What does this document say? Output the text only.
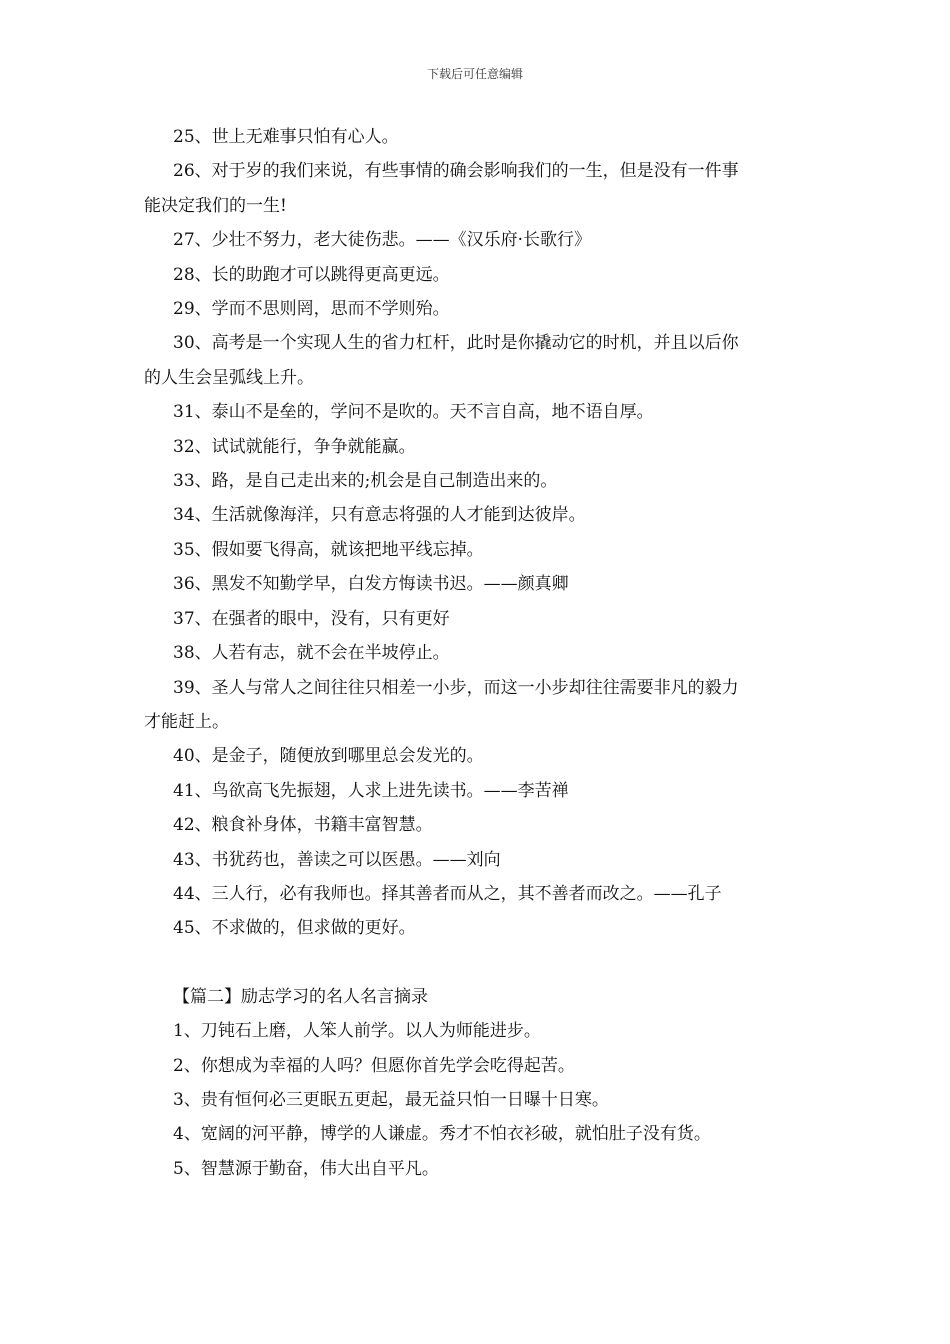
下载后可任意编辑

25、世上无难事只怕有心人。

26、对于岁的我们来说，有些事情的确会影响我们的一生，但是没有一件事

能决定我们的一生!

27、少壮不努力，老大徒伤悲。——《汉乐府·长歌行》

28、长的助跑才可以跳得更高更远。

29、学而不思则罔，思而不学则殆。

30、高考是一个实现人生的省力杠杆，此时是你撬动它的时机，并且以后你

的人生会呈弧线上升。

31、泰山不是垒的，学问不是吹的。天不言自高，地不语自厚。

32、试试就能行，争争就能赢。

33、路，是自己走出来的;机会是自己制造出来的。

34、生活就像海洋，只有意志将强的人才能到达彼岸。

35、假如要飞得高，就该把地平线忘掉。

36、黑发不知勤学早，白发方悔读书迟。——颜真卿

37、在强者的眼中，没有，只有更好

38、人若有志，就不会在半坡停止。

39、圣人与常人之间往往只相差一小步，而这一小步却往往需要非凡的毅力

才能赶上。

40、是金子，随便放到哪里总会发光的。

41、鸟欲高飞先振翅，人求上进先读书。——李苦禅

42、粮食补身体，书籍丰富智慧。

43、书犹药也，善读之可以医愚。——刘向

44、三人行，必有我师也。择其善者而从之，其不善者而改之。——孔子

45、不求做的，但求做的更好。

【篇二】励志学习的名人名言摘录

1、刀钝石上磨，人笨人前学。以人为师能进步。

2、你想成为幸福的人吗？但愿你首先学会吃得起苦。

3、贵有恒何必三更眠五更起，最无益只怕一日曝十日寒。

4、宽阔的河平静，博学的人谦虚。秀才不怕衣衫破，就怕肚子没有货。

5、智慧源于勤奋，伟大出自平凡。
